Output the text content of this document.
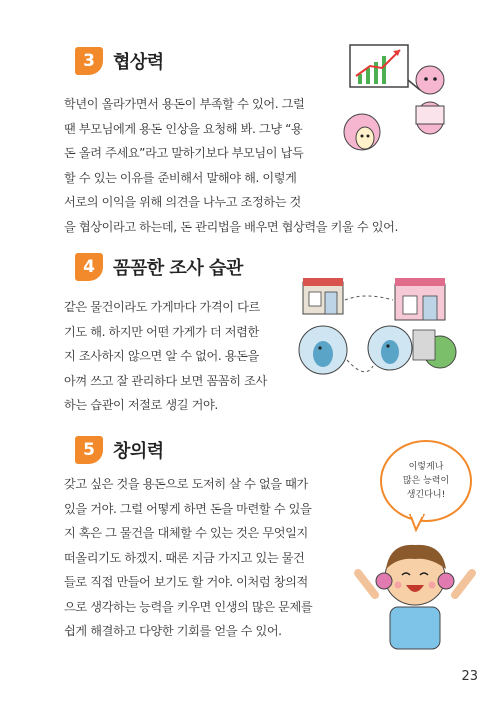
3	협상력
학년이 올라가면서 용돈이 부족할 수 있어. 그럴
땐 부모님에게 용돈 인상을 요청해 봐. 그냥 “용
돈 올려 주세요”라고 말하기보다 부모님이 납득
할 수 있는 이유를 준비해서 말해야 해. 이렇게
서로의 이익을 위해 의견을 나누고 조정하는 것
을 협상이라고 하는데, 돈 관리법을 배우면 협상력을 키울 수 있어.
4	꼼꼼한 조사 습관
같은 물건이라도 가게마다 가격이 다르
기도 해. 하지만 어떤 가게가 더 저렴한
지 조사하지 않으면 알 수 없어. 용돈을
아껴 쓰고 잘 관리하다 보면 꼼꼼히 조사
하는 습관이 저절로 생길 거야.
5	창의력
갖고 싶은 것을 용돈으로 도저히 살 수 없을 때가
있을 거야. 그럴 어떻게 하면 돈을 마련할 수 있을
지 혹은 그 물건을 대체할 수 있는 것은 무엇일지
떠올리기도 하겠지. 때론 지금 가지고 있는 물건
들로 직접 만들어 보기도 할 거야. 이처럼 창의적
으로 생각하는 능력을 키우면 인생의 많은 문제를
쉽게 해결하고 다양한 기회를 얻을 수 있어.
이렇게나
많은 능력이
생긴다니!
23
